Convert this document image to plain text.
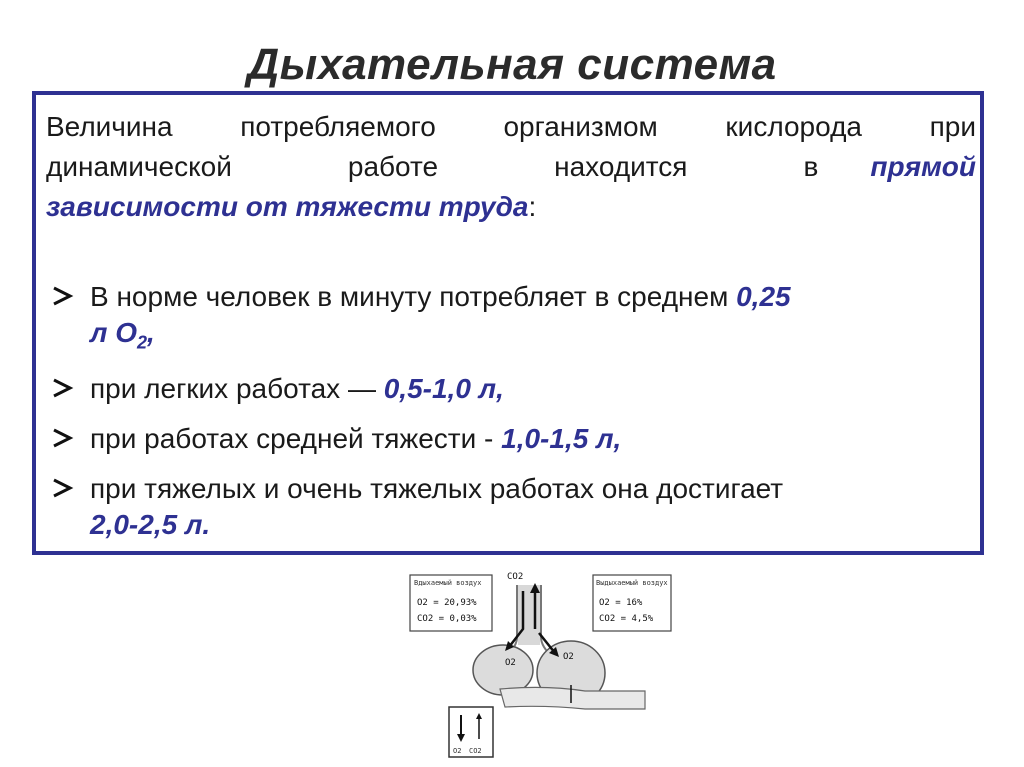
Дыхательная система
Величина потребляемого организмом кислорода при
динамической	работе	находится	в прямой
зависимости от тяжести труда:
В норме человек в минуту потребляет в среднем 0,25
л $О_2$,
при легких работах — 0,5-1,0 л,
при работах средней тяжести - 1,0-1,5 л,
при тяжелых и очень тяжелых работах она достигает
2,0-2,5 л.
Вдыхаемый воздух
О2 = 20,93%
CO2 = 0,03%
Выдыхаемый воздух
О2 = 16%
CO2 = 4,5%
CO2
O2
O2
O2 CO2
